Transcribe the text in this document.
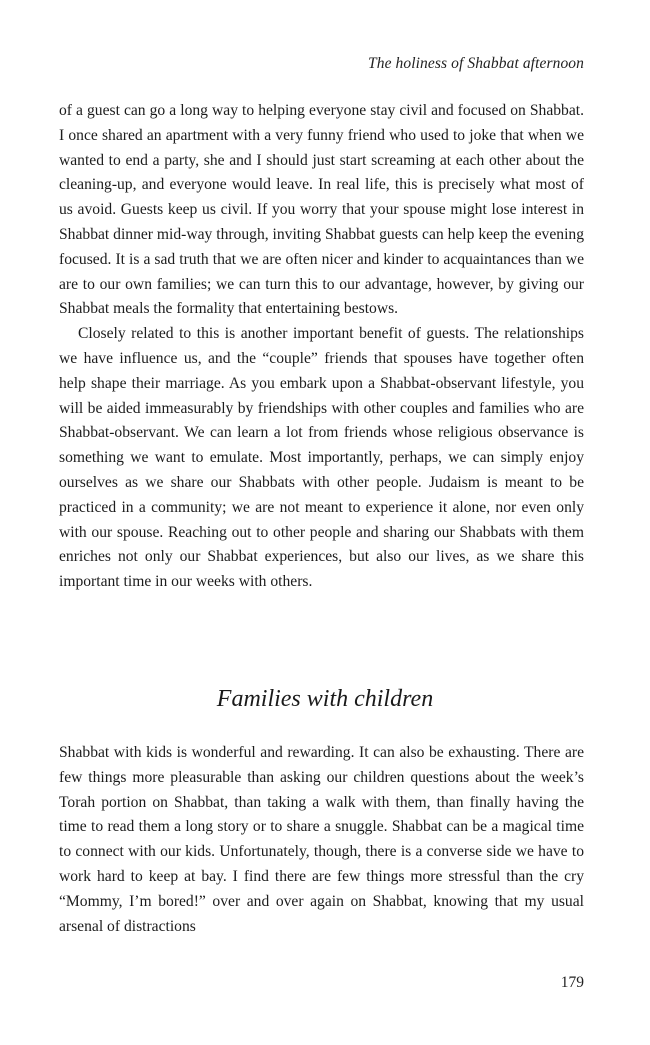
The holiness of Shabbat afternoon

of a guest can go a long way to helping everyone stay civil and focused on Shabbat. I once shared an apartment with a very funny friend who used to joke that when we wanted to end a party, she and I should just start screaming at each other about the cleaning-up, and everyone would leave. In real life, this is precisely what most of us avoid. Guests keep us civil. If you worry that your spouse might lose interest in Shabbat dinner mid-way through, inviting Shabbat guests can help keep the evening focused. It is a sad truth that we are often nicer and kinder to acquaintances than we are to our own families; we can turn this to our advantage, however, by giving our Shabbat meals the formality that entertaining bestows.

Closely related to this is another important benefit of guests. The relationships we have influence us, and the “couple” friends that spouses have together often help shape their marriage. As you embark upon a Shabbat-observant lifestyle, you will be aided immeasurably by friendships with other couples and families who are Shabbat-observant. We can learn a lot from friends whose religious observance is something we want to emulate. Most importantly, perhaps, we can simply enjoy ourselves as we share our Shabbats with other people. Judaism is meant to be practiced in a community; we are not meant to experience it alone, nor even only with our spouse. Reaching out to other people and sharing our Shabbats with them enriches not only our Shabbat experiences, but also our lives, as we share this important time in our weeks with others.

Families with children

Shabbat with kids is wonderful and rewarding. It can also be exhausting. There are few things more pleasurable than asking our children questions about the week’s Torah portion on Shabbat, than taking a walk with them, than finally having the time to read them a long story or to share a snuggle. Shabbat can be a magical time to connect with our kids. Unfortunately, though, there is a converse side we have to work hard to keep at bay. I find there are few things more stressful than the cry “Mommy, I’m bored!” over and over again on Shabbat, knowing that my usual arsenal of distractions

179
